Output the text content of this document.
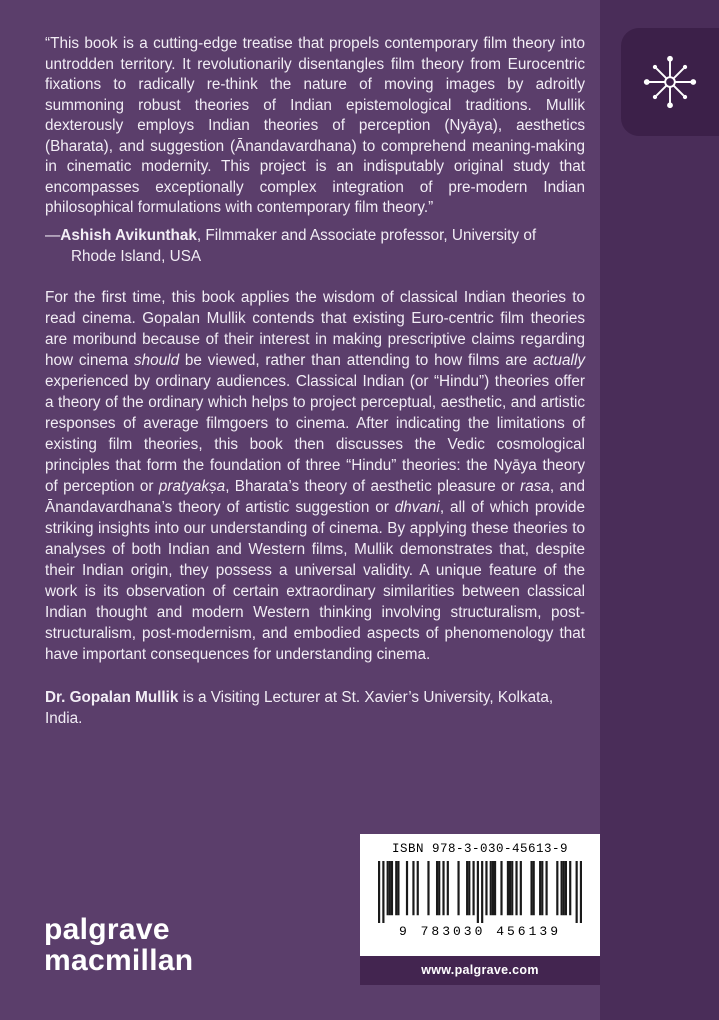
“This book is a cutting-edge treatise that propels contemporary film theory into untrodden territory. It revolutionarily disentangles film theory from Eurocentric fixations to radically re-think the nature of moving images by adroitly summoning robust theories of Indian epistemological traditions. Mullik dexterously employs Indian theories of perception (Nyāya), aesthetics (Bharata), and suggestion (Ānandavardhana) to comprehend meaning-making in cinematic modernity. This project is an indisputably original study that encompasses exceptionally complex integration of pre-modern Indian philosophical formulations with contemporary film theory.”

—Ashish Avikunthak, Filmmaker and Associate professor, University of Rhode Island, USA

For the first time, this book applies the wisdom of classical Indian theories to read cinema. Gopalan Mullik contends that existing Euro-centric film theories are moribund because of their interest in making prescriptive claims regarding how cinema should be viewed, rather than attending to how films are actually experienced by ordinary audiences. Classical Indian (or “Hindu”) theories offer a theory of the ordinary which helps to project perceptual, aesthetic, and artistic responses of average filmgoers to cinema. After indicating the limitations of existing film theories, this book then discusses the Vedic cosmological principles that form the foundation of three “Hindu” theories: the Nyāya theory of perception or pratyakṣa, Bharata’s theory of aesthetic pleasure or rasa, and Ānandavardhana’s theory of artistic suggestion or dhvani, all of which provide striking insights into our understanding of cinema. By applying these theories to analyses of both Indian and Western films, Mullik demonstrates that, despite their Indian origin, they possess a universal validity. A unique feature of the work is its observation of certain extraordinary similarities between classical Indian thought and modern Western thinking involving structuralism, post-structuralism, post-modernism, and embodied aspects of phenomenology that have important consequences for understanding cinema.

Dr. Gopalan Mullik is a Visiting Lecturer at St. Xavier’s University, Kolkata, India.

ISBN 978-3-030-45613-9
9 783030 456139
www.palgrave.com
palgrave
macmillan
